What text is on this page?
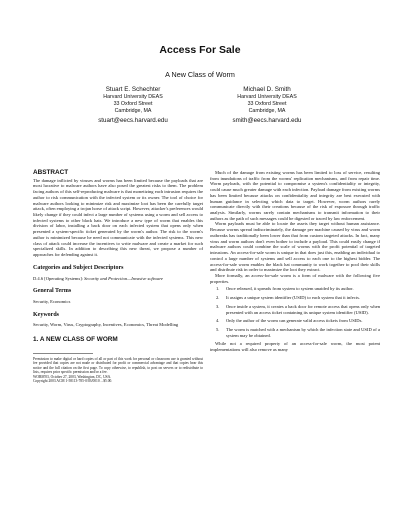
Access For Sale
A New Class of Worm
Stuart E. Schechter
Harvard University DEAS
33 Oxford Street
Cambridge, MA
stuart@eecs.harvard.edu
Michael D. Smith
Harvard University DEAS
33 Oxford Street
Cambridge, MA
smith@eecs.harvard.edu
ABSTRACT

The damage inflicted by viruses and worms has been limited because the payloads that are most lucrative to malware authors have also posed the greatest risks to them. The problem facing authors of this self-reproducing malware is that monetizing each intrusion requires the author to risk communication with the infected system or its owner. The tool of choice for malware authors looking to minimize risk and maximize loot has been the carefully target attack, often employing a trojan horse of attack script. However, attacker's preferences would likely change if they could infect a large number of systems using a worm and sell access to infected systems to other black hats. We introduce a new type of worm that enables this division of labor, installing a back door on each infected system that opens only when presented a system-specific ticket generated by the worm's author. The risk to the worm's author is minimized because he need not communicate with the infected systems. This new class of attack could increase the incentives to write malware and create a market for such specialized skills. In addition to describing this new threat, we propose a number of approaches for defending against it.

Categories and Subject Descriptors

D.4.6 [Operating Systems]: Security and Protection—Invasive software

General Terms

Security, Economics

Keywords

Security, Worm, Virus, Cryptography, Incentives, Economics, Threat Modelling

1. A NEW CLASS OF WORM
Permission to make digital or hard copies of all or part of this work for personal or classroom use is granted without fee provided that copies are not made or distributed for profit or commercial advantage and that copies bear this notice and the full citation on the first page. To copy otherwise, to republish, to post on servers or to redistribute to lists, requires prior specific permission and/or a fee.
WORM'03, October 27, 2003, Washington, DC, USA.
Copyright 2003 ACM 1-58113-785-0/03/0010 ...$5.00.

Much of the damage from existing worms has been limited to loss of service, resulting from inundations of traffic from the worms' replication mechanisms, and from repair time. Worm payloads, with the potential to compromise a system's confidentiality or integrity, could cause much greater damage with each infection. Payload damage from existing worms has been limited because attacks on confidentiality and integrity are best executed with human guidance in selecting which data to target. However, worm authors rarely communicate directly with their creations because of the risk of exposure through traffic analysis. Similarly, worms rarely contain mechanisms to transmit information to their authors as the path of such messages could be digested or traced by law enforcement.

Worm payloads must be able to locate the assets they target without human assistance. Because worms spread indiscriminately, the damage per machine caused by virus and worm outbreaks has traditionally been lower than that from custom targeted attacks. In fact, many virus and worm authors don't even bother to include a payload. This could easily change if malware authors could combine the scale of worms with the profit potential of targeted intrusions. An access-for-sale worm is unique in that does just this, enabling an individual to control a large number of systems and sell access to each one to the highest bidder. The access-for-sale worm enables the black hat community to work together to pool their skills and distribute risk in order to maximize the loot they extract.

More formally, an access-for-sale worm is a form of malware with the following five properties.

1. Once released, it spreads from system to system unaided by its author.
2. It assigns a unique system identifier (USID) to each system that it infects.
3. Once inside a system, it creates a back door for remote access that opens only when presented with an access ticket containing its unique system identifier (USID).
4. Only the author of the worm can generate valid access tickets from USIDs.
5. The worm is matched with a mechanism by which the infection state and USID of a system may be obtained.

While not a required property of an access-for-sale worm, the most potent implementations will also remove as many
